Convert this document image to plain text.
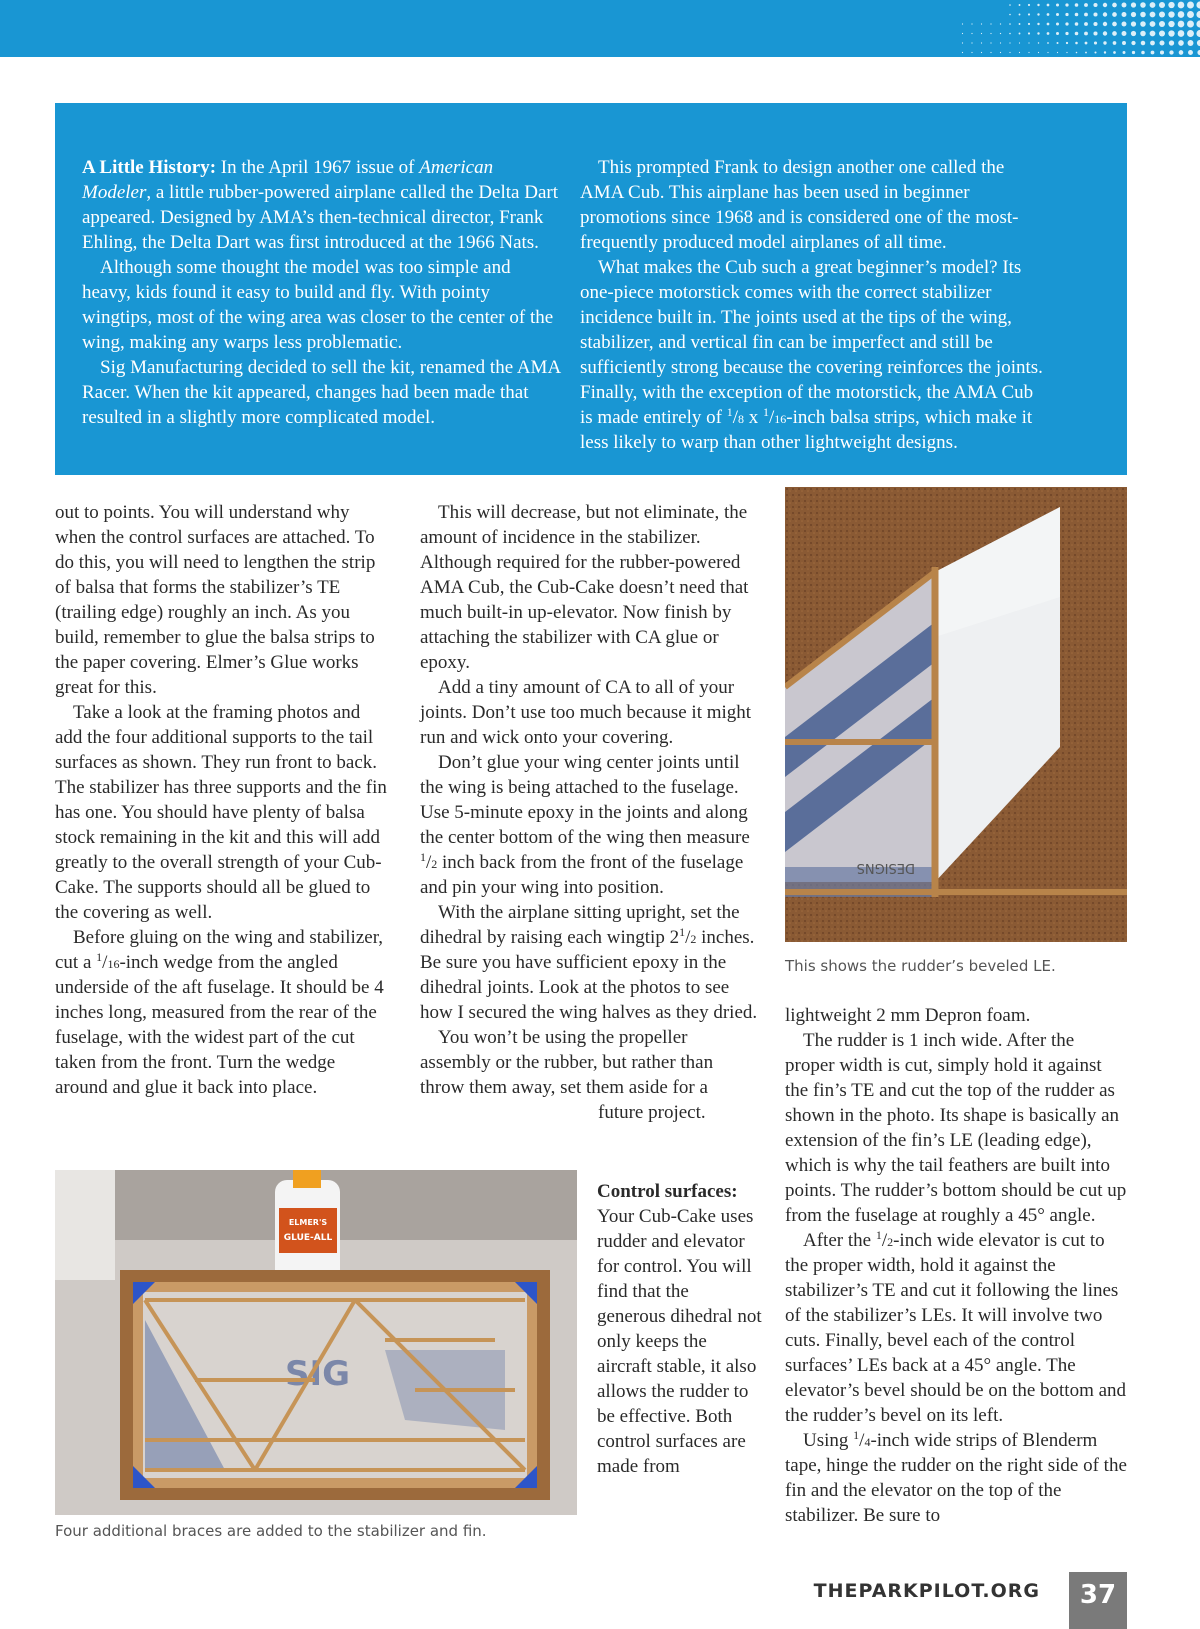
A Little History: In the April 1967 issue of American Modeler, a little rubber-powered airplane called the Delta Dart appeared. Designed by AMA’s then-technical director, Frank Ehling, the Delta Dart was first introduced at the 1966 Nats.

Although some thought the model was too simple and heavy, kids found it easy to build and fly. With pointy wingtips, most of the wing area was closer to the center of the wing, making any warps less problematic.

Sig Manufacturing decided to sell the kit, renamed the AMA Racer. When the kit appeared, changes had been made that resulted in a slightly more complicated model.

This prompted Frank to design another one called the AMA Cub. This airplane has been used in beginner promotions since 1968 and is considered one of the most-frequently produced model airplanes of all time.

What makes the Cub such a great beginner’s model? Its one-piece motorstick comes with the correct stabilizer incidence built in. The joints used at the tips of the wing, stabilizer, and vertical fin can be imperfect and still be sufficiently strong because the covering reinforces the joints.

Finally, with the exception of the motorstick, the AMA Cub is made entirely of $^1$/8 x $^1$/16-inch balsa strips, which make it less likely to warp than other lightweight designs.

out to points. You will understand why when the control surfaces are attached. To do this, you will need to lengthen the strip of balsa that forms the stabilizer’s TE (trailing edge) roughly an inch. As you build, remember to glue the balsa strips to the paper covering. Elmer’s Glue works great for this.

Take a look at the framing photos and add the four additional supports to the tail surfaces as shown. They run front to back. The stabilizer has three supports and the fin has one. You should have plenty of balsa stock remaining in the kit and this will add greatly to the overall strength of your Cub-Cake. The supports should all be glued to the covering as well.

Before gluing on the wing and stabilizer, cut a $^1$/16-inch wedge from the angled underside of the aft fuselage. It should be 4 inches long, measured from the rear of the fuselage, with the widest part of the cut taken from the front. Turn the wedge around and glue it back into place.

This will decrease, but not eliminate, the amount of incidence in the stabilizer. Although required for the rubber-powered AMA Cub, the Cub-Cake doesn’t need that much built-in up-elevator. Now finish by attaching the stabilizer with CA glue or epoxy.

Add a tiny amount of CA to all of your joints. Don’t use too much because it might run and wick onto your covering.

Don’t glue your wing center joints until the wing is being attached to the fuselage. Use 5-minute epoxy in the joints and along the center bottom of the wing then measure $^1$/2 inch back from the front of the fuselage and pin your wing into position.

With the airplane sitting upright, set the dihedral by raising each wingtip $2^1/2$ inches. Be sure you have sufficient epoxy in the dihedral joints. Look at the photos to see how I secured the wing halves as they dried.

You won’t be using the propeller assembly or the rubber, but rather than throw them away, set them aside for a

future project.

Control surfaces:

Your Cub-Cake uses rudder and elevator for control. You will find that the generous dihedral not only keeps the aircraft stable, it also allows the rudder to be effective. Both control surfaces are made from

lightweight 2 mm Depron foam.

The rudder is 1 inch wide. After the proper width is cut, simply hold it against the fin’s TE and cut the top of the rudder as shown in the photo. Its shape is basically an extension of the fin’s LE (leading edge), which is why the tail feathers are built into points. The rudder’s bottom should be cut up from the fuselage at roughly a 45° angle.

After the $^1$/2-inch wide elevator is cut to the proper width, hold it against the stabilizer’s TE and cut it following the lines of the stabilizer’s LEs. It will involve two cuts. Finally, bevel each of the control surfaces’ LEs back at a 45° angle. The elevator’s bevel should be on the bottom and the rudder’s bevel on its left.

Using $^1$/4-inch wide strips of Blenderm tape, hinge the rudder on the right side of the fin and the elevator on the top of the stabilizer. Be sure to

DESIGNS
This shows the rudder’s beveled LE.
ELMER'S
GLUE-ALL
SIG
Four additional braces are added to the stabilizer and fin.
THEPARKPILOT.ORG	37
